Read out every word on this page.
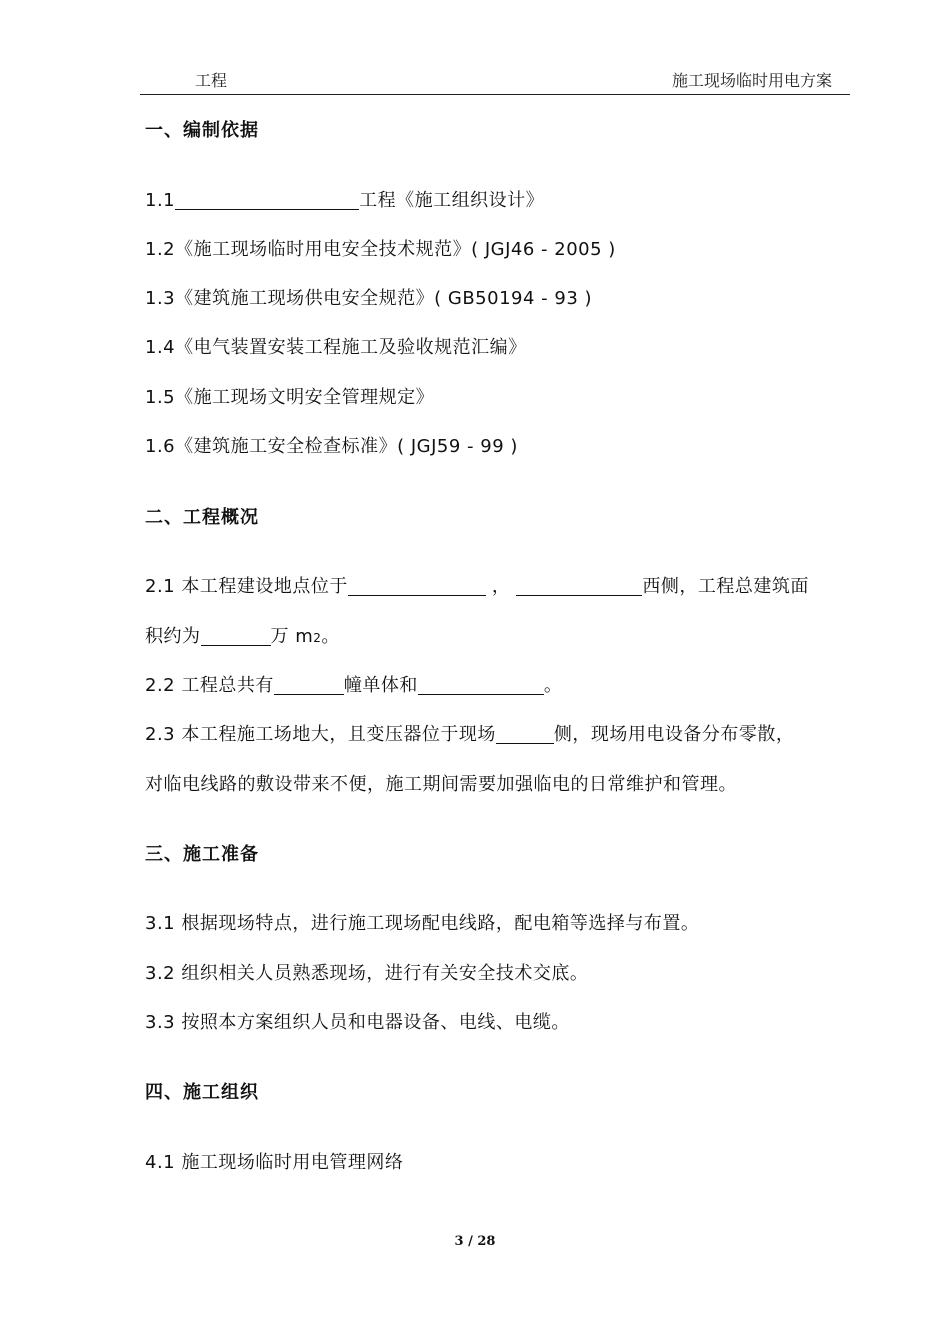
工程	施工现场临时用电方案
一、编制依据
1.1	工程《施工组织设计》
1.2《施工现场临时用电安全技术规范》( JGJ46 - 2005 )
1.3《建筑施工现场供电安全规范》( GB50194 - 93 )
1.4《电气装置安装工程施工及验收规范汇编》
1.5《施工现场文明安全管理规定》
1.6《建筑施工安全检查标准》( JGJ59 - 99 )
二、工程概况
2.1 本工程建设地点位于	，	西侧，工程总建筑面
积约为	万 m2。
2.2 工程总共有	幢单体和	。
2.3 本工程施工场地大，且变压器位于现场	侧，现场用电设备分布零散，
对临电线路的敷设带来不便，施工期间需要加强临电的日常维护和管理。
三、施工准备
3.1 根据现场特点，进行施工现场配电线路，配电箱等选择与布置。
3.2 组织相关人员熟悉现场，进行有关安全技术交底。
3.3 按照本方案组织人员和电器设备、电线、电缆。
四、施工组织
4.1 施工现场临时用电管理网络
3 / 28
